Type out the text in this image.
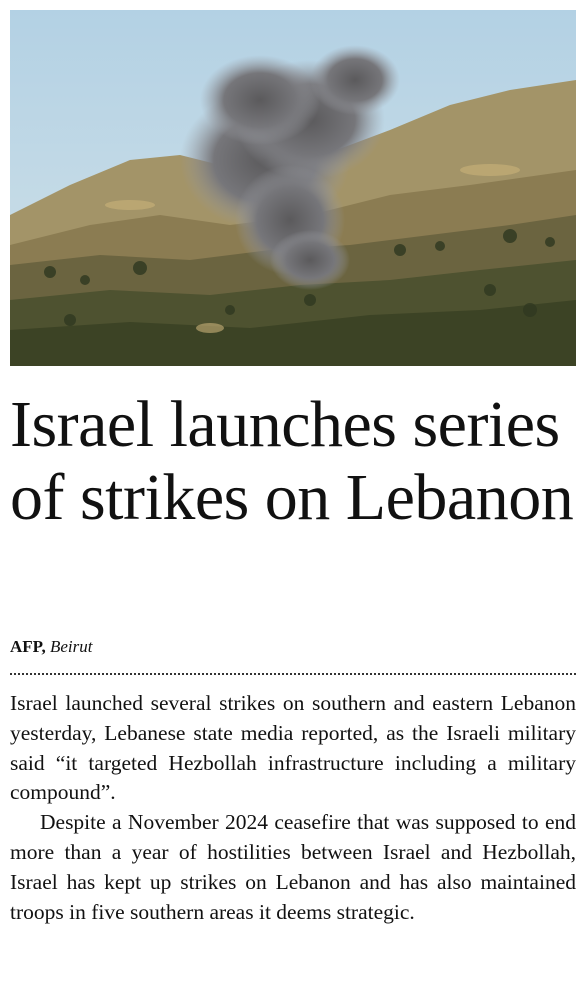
Israel launches series of strikes on Lebanon
AFP, Beirut

Israel launched several strikes on southern and eastern Lebanon yesterday, Lebanese state media reported, as the Israeli military said “it targeted Hezbollah infrastructure including a military compound”.

Despite a November 2024 ceasefire that was supposed to end more than a year of hostilities between Israel and Hezbollah, Israel has kept up strikes on Lebanon and has also maintained troops in five southern areas it deems strategic.
